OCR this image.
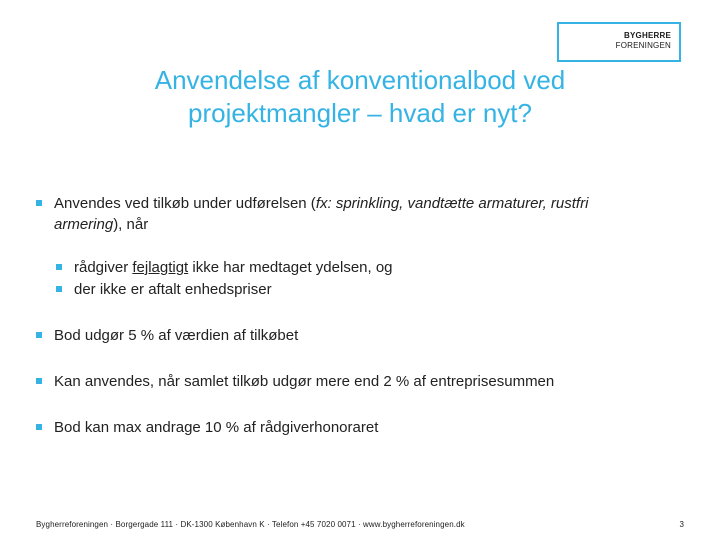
BYGHERRE
FORENINGEN
Anvendelse af konventionalbod ved
projektmangler – hvad er nyt?
Anvendes ved tilkøb under udførelsen (fx: sprinkling, vandtætte armaturer, rustfri armering), når
rådgiver fejlagtigt ikke har medtaget ydelsen, og
der ikke er aftalt enhedspriser
Bod udgør 5 % af værdien af tilkøbet
Kan anvendes, når samlet tilkøb udgør mere end 2 % af entreprisesummen
Bod kan max andrage 10 % af rådgiverhonoraret
Bygherreforeningen · Borgergade 111 · DK-1300 København K · Telefon +45 7020 0071 · www.bygherreforeningen.dk	3
